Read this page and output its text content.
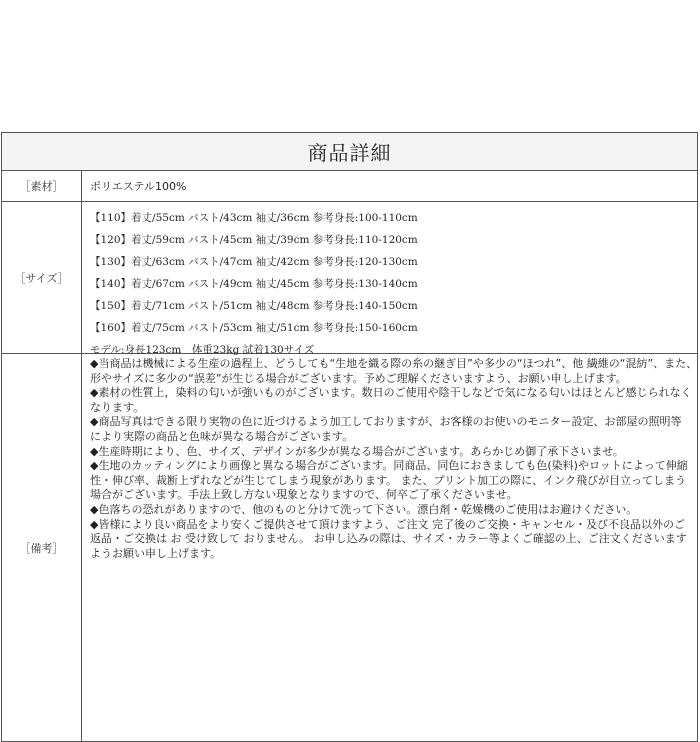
商品詳細
［素材］	ポリエステル100%
［サイズ］
【110】着丈/55cm バスト/43cm 袖丈/36cm 参考身長:100-110cm
【120】着丈/59cm バスト/45cm 袖丈/39cm 参考身長:110-120cm
【130】着丈/63cm バスト/47cm 袖丈/42cm 参考身長:120-130cm
【140】着丈/67cm バスト/49cm 袖丈/45cm 参考身長:130-140cm
【150】着丈/71cm バスト/51cm 袖丈/48cm 参考身長:140-150cm
【160】着丈/75cm バスト/53cm 袖丈/51cm 参考身長:150-160cm
モデル:身長123cm　体重23kg 試着130サイズ
［備考］
◆当商品は機械による生産の過程上、どうしても“生地を織る際の糸の継ぎ目”や多少の“ほつれ”、他 繊維の“混紡”、また、
形やサイズに多少の“誤差”が生じる場合がございます。予めご理解くださいますよう、お願い申し上げます。
◆素材の性質上，染料の匂いが強いものがございます。数日のご使用や陰干しなどで気になる匂いはほとんど感じられなく
なります。
◆商品写真はできる限り実物の色に近づけるよう加工しておりますが、お客様のお使いのモニター設定、お部屋の照明等
により実際の商品と色味が異なる場合がございます。
◆生産時期により、色、サイズ、デザインが多少が異なる場合がございます。あらかじめ御了承下さいませ。
◆生地のカッティングにより画像と異なる場合がございます。同商品、同色におきましても色(染料)やロットによって伸縮
性・伸び率、裁断上ずれなどが生じてしまう現象があります。 また、プリント加工の際に、インク飛びが目立ってしまう
場合がございます。手法上致し方ない現象となりますので、何卒ご了承くださいませ。
◆色落ちの恐れがありますので、他のものと分けて洗って下さい。漂白剤・乾燥機のご使用はお避けください。
◆皆様により良い商品をより安くご提供させて頂けますよう、ご注文 完了後のご交換・キャンセル・及び不良品以外のご
返品・ご交換は お 受け致して おりません。 お申し込みの際は、サイズ・カラー等よくご確認の上、ご注文くださいます
ようお願い申し上げます。
